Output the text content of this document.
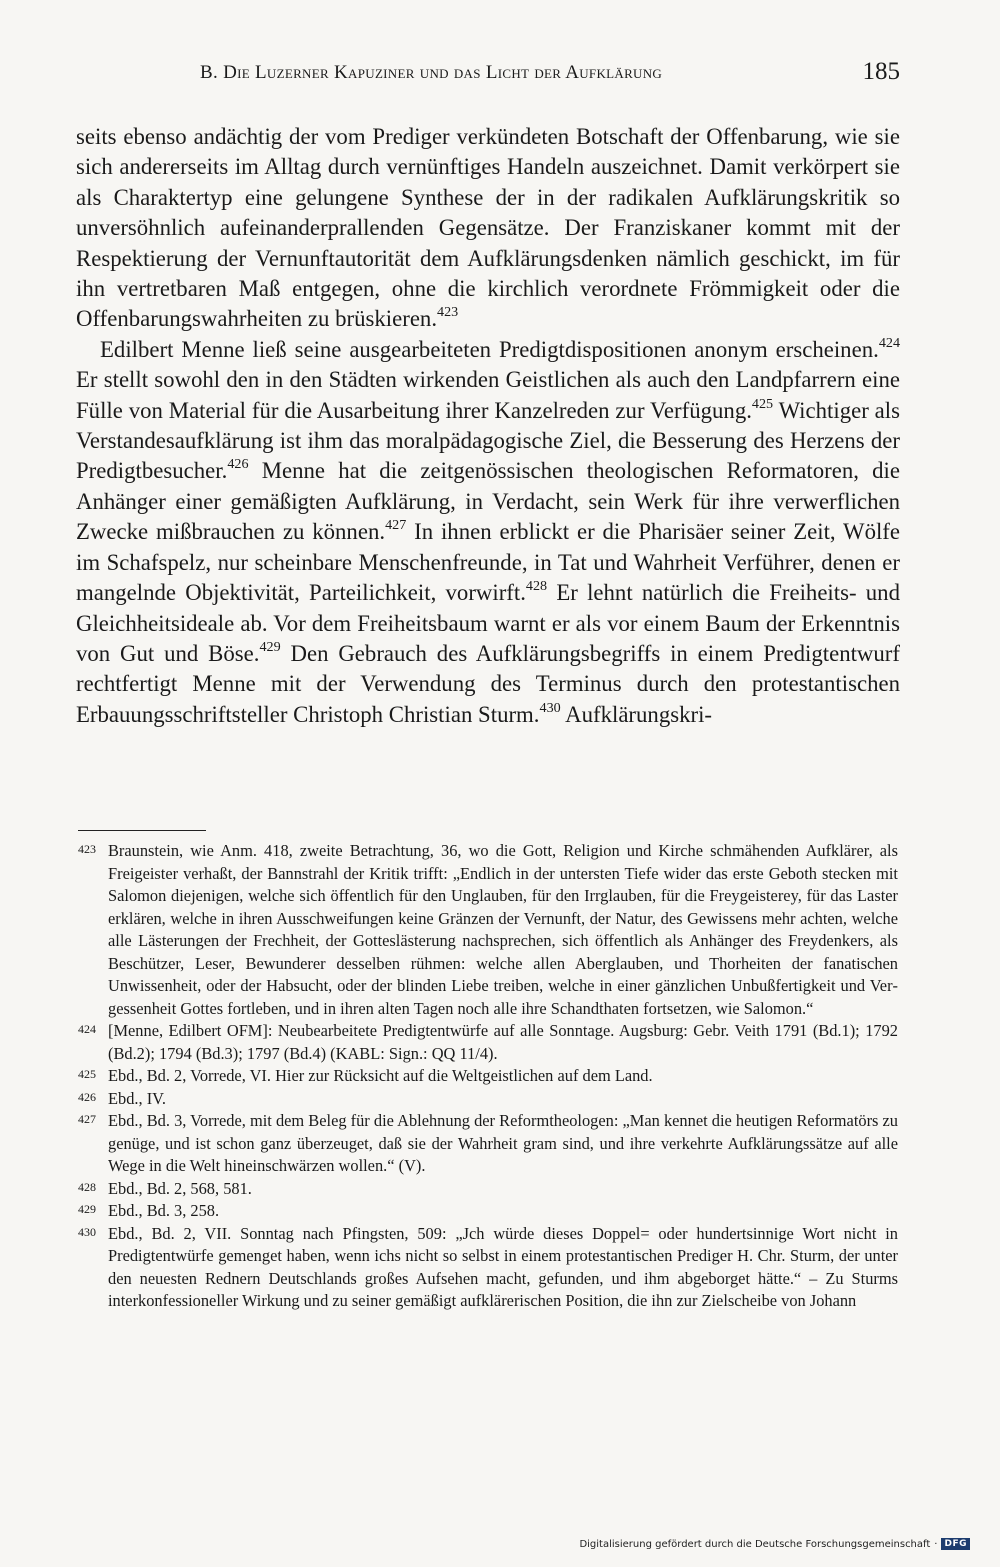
B. Die Luzerner Kapuziner und das Licht der Aufklärung	185

seits ebenso andächtig der vom Prediger verkündeten Botschaft der Offenbarung, wie sie sich andererseits im Alltag durch vernünftiges Handeln auszeichnet. Damit verkörpert sie als Charaktertyp eine gelungene Synthese der in der radikalen Aufklärungskritik so unversöhnlich aufeinanderprallenden Gegensätze. Der Franziskaner kommt mit der Respektierung der Vernunftautorität dem Aufklärungsdenken nämlich geschickt, im für ihn vertretbaren Maß entgegen, ohne die kirchlich verordnete Frömmigkeit oder die Offenbarungswahrheiten zu brüskieren.$^{423}$

Edilbert Menne ließ seine ausgearbeiteten Predigtdispositionen anonym erscheinen.$^{424}$ Er stellt sowohl den in den Städten wirkenden Geistlichen als auch den Landpfarrern eine Fülle von Material für die Ausarbeitung ihrer Kanzelreden zur Verfügung.$^{425}$ Wichtiger als Verstandesaufklärung ist ihm das moralpädagogische Ziel, die Besserung des Herzens der Predigtbesucher.$^{426}$ Menne hat die zeitgenössischen theologischen Reformatoren, die Anhänger einer gemäßigten Aufklärung, in Verdacht, sein Werk für ihre verwerflichen Zwecke mißbrauchen zu können.$^{427}$ In ihnen erblickt er die Pharisäer seiner Zeit, Wölfe im Schafspelz, nur scheinbare Menschenfreunde, in Tat und Wahrheit Verführer, denen er mangelnde Objektivität, Parteilichkeit, vorwirft.$^{428}$ Er lehnt natürlich die Freiheits- und Gleichheitsideale ab. Vor dem Freiheitsbaum warnt er als vor einem Baum der Erkenntnis von Gut und Böse.$^{429}$ Den Gebrauch des Aufklärungsbegriffs in einem Predigtentwurf rechtfertigt Menne mit der Verwendung des Terminus durch den protestantischen Erbauungsschriftsteller Christoph Christian Sturm.$^{430}$ Aufklärungskri-

423 Braunstein, wie Anm. 418, zweite Betrachtung, 36, wo die Gott, Religion und Kirche schmähenden Aufklärer, als Freigeister verhaßt, der Bannstrahl der Kritik trifft: „Endlich in der untersten Tiefe wider das erste Geboth stecken mit Salomon diejenigen, welche sich öffentlich für den Unglauben, für den Irrglauben, für die Freygeisterey, für das Laster erklären, welche in ihren Ausschweifungen keine Gränzen der Vernunft, der Natur, des Gewissens mehr achten, welche alle Lästerungen der Frechheit, der Gotteslästerung nachsprechen, sich öffentlich als Anhänger des Freydenkers, als Beschützer, Leser, Bewunderer desselben rühmen: welche allen Aberglauben, und Thorheiten der fanatischen Unwissenheit, oder der Habsucht, oder der blinden Liebe treiben, welche in einer gänzlichen Unbußfertigkeit und Vergessenheit Gottes fortleben, und in ihren alten Tagen noch alle ihre Schandthaten fortsetzen, wie Salomon.“

424 [Menne, Edilbert OFM]: Neubearbeitete Predigtentwürfe auf alle Sonntage. Augsburg: Gebr. Veith 1791 (Bd.1); 1792 (Bd.2); 1794 (Bd.3); 1797 (Bd.4) (KABL: Sign.: QQ 11/4).

425 Ebd., Bd. 2, Vorrede, VI. Hier zur Rücksicht auf die Weltgeistlichen auf dem Land.

426 Ebd., IV.

427 Ebd., Bd. 3, Vorrede, mit dem Beleg für die Ablehnung der Reformtheologen: „Man kennet die heutigen Reformatörs zu genüge, und ist schon ganz überzeuget, daß sie der Wahrheit gram sind, und ihre verkehrte Aufklärungssätze auf alle Wege in die Welt hineinschwärzen wollen.“ (V).

428 Ebd., Bd. 2, 568, 581.

429 Ebd., Bd. 3, 258.

430 Ebd., Bd. 2, VII. Sonntag nach Pfingsten, 509: „Jch würde dieses Doppel= oder hundertsinnige Wort nicht in Predigtentwürfe gemenget haben, wenn ichs nicht so selbst in einem protestantischen Prediger H. Chr. Sturm, der unter den neuesten Rednern Deutschlands großes Aufsehen macht, gefunden, und ihm abgeborget hätte.“ – Zu Sturms interkonfessioneller Wirkung und zu seiner gemäßigt aufklärerischen Position, die ihn zur Zielscheibe von Johann

Digitalisierung gefördert durch die Deutsche Forschungsgemeinschaft · DFG
